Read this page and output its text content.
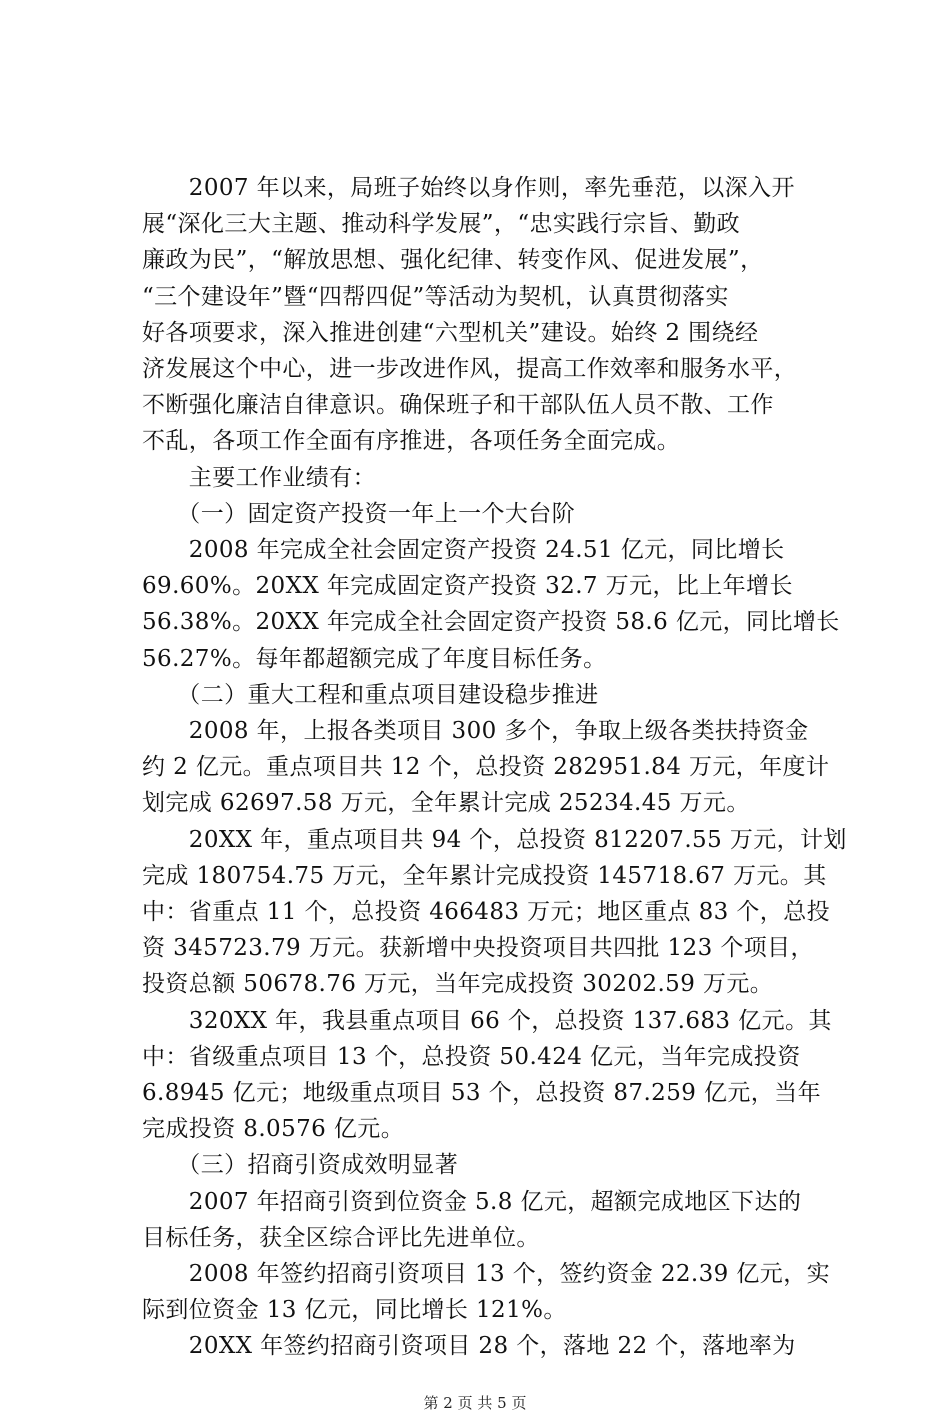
　　2007 年以来，局班子始终以身作则，率先垂范，以深入开
展“深化三大主题、推动科学发展”，“忠实践行宗旨、勤政
廉政为民”，“解放思想、强化纪律、转变作风、促进发展”，
“三个建设年”暨“四帮四促”等活动为契机，认真贯彻落实
好各项要求，深入推进创建“六型机关”建设。始终 2 围绕经
济发展这个中心，进一步改进作风，提高工作效率和服务水平，
不断强化廉洁自律意识。确保班子和干部队伍人员不散、工作
不乱，各项工作全面有序推进，各项任务全面完成。
　　主要工作业绩有：
　　（一）固定资产投资一年上一个大台阶
　　2008 年完成全社会固定资产投资 24.51 亿元，同比增长
69.60%。20XX 年完成固定资产投资 32.7 万元，比上年增长
56.38%。20XX 年完成全社会固定资产投资 58.6 亿元，同比增长
56.27%。每年都超额完成了年度目标任务。
　　（二）重大工程和重点项目建设稳步推进
　　2008 年，上报各类项目 300 多个，争取上级各类扶持资金
约 2 亿元。重点项目共 12 个，总投资 282951.84 万元，年度计
划完成 62697.58 万元，全年累计完成 25234.45 万元。
　　20XX 年，重点项目共 94 个，总投资 812207.55 万元，计划
完成 180754.75 万元，全年累计完成投资 145718.67 万元。其
中：省重点 11 个，总投资 466483 万元；地区重点 83 个，总投
资 345723.79 万元。获新增中央投资项目共四批 123 个项目，
投资总额 50678.76 万元，当年完成投资 30202.59 万元。
　　320XX 年，我县重点项目 66 个，总投资 137.683 亿元。其
中：省级重点项目 13 个，总投资 50.424 亿元，当年完成投资
6.8945 亿元；地级重点项目 53 个，总投资 87.259 亿元，当年
完成投资 8.0576 亿元。
　　（三）招商引资成效明显著
　　2007 年招商引资到位资金 5.8 亿元，超额完成地区下达的
目标任务，获全区综合评比先进单位。
　　2008 年签约招商引资项目 13 个，签约资金 22.39 亿元，实
际到位资金 13 亿元，同比增长 121%。
　　20XX 年签约招商引资项目 28 个，落地 22 个，落地率为
第 2 页 共 5 页
